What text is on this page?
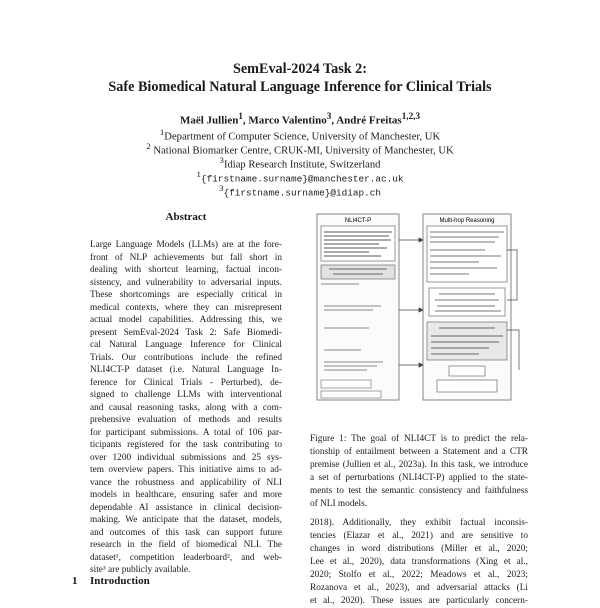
SemEval-2024 Task 2:
Safe Biomedical Natural Language Inference for Clinical Trials
Maël Jullien$^1$, Marco Valentino$^3$, André Freitas$^{1,2,3}$
$^1$Department of Computer Science, University of Manchester, UK
$^2$ National Biomarker Centre, CRUK-MI, University of Manchester, UK
$^3$Idiap Research Institute, Switzerland
$^1${firstname.surname}@manchester.ac.uk
$^3${firstname.surname}@idiap.ch
Abstract
Large Language Models (LLMs) are at the fore-
front of NLP achievements but fall short in
dealing with shortcut learning, factual incon-
sistency, and vulnerability to adversarial inputs.
These shortcomings are especially critical in
medical contexts, where they can misrepresent
actual model capabilities. Addressing this, we
present SemEval-2024 Task 2: Safe Biomedi-
cal Natural Language Inference for Clinical
Trials. Our contributions include the refined
NLI4CT-P dataset (i.e. Natural Language In-
ference for Clinical Trials - Perturbed), de-
signed to challenge LLMs with interventional
and causal reasoning tasks, along with a com-
prehensive evaluation of methods and results
for participant submissions. A total of 106 par-
ticipants registered for the task contributing to
over 1200 individual submissions and 25 sys-
tem overview papers. This initiative aims to ad-
vance the robustness and applicability of NLI
models in healthcare, ensuring safer and more
dependable AI assistance in clinical decision-
making. We anticipate that the dataset, models,
and outcomes of this task can support future
research in the field of biomedical NLI. The
dataset¹, competition leaderboard², and web-
site³ are publicly available.
1 Introduction
NLI4CT-P	Multi-hop Reasoning
Figure 1: The goal of NLI4CT is to predict the rela-
tionship of entailment between a Statement and a CTR
premise (Jullien et al., 2023a). In this task, we introduce
a set of perturbations (NLI4CT-P) applied to the state-
ments to test the semantic consistency and faithfulness
of NLI models.
2018). Additionally, they exhibit factual inconsis-
tencies (Elazar et al., 2021) and are sensitive to
changes in word distributions (Miller et al., 2020;
Lee et al., 2020), data transformations (Xing et al.,
2020; Stolfo et al., 2022; Meadows et al., 2023;
Rozanova et al., 2023), and adversarial attacks (Li
et al., 2020). These issues are particularly concern-
